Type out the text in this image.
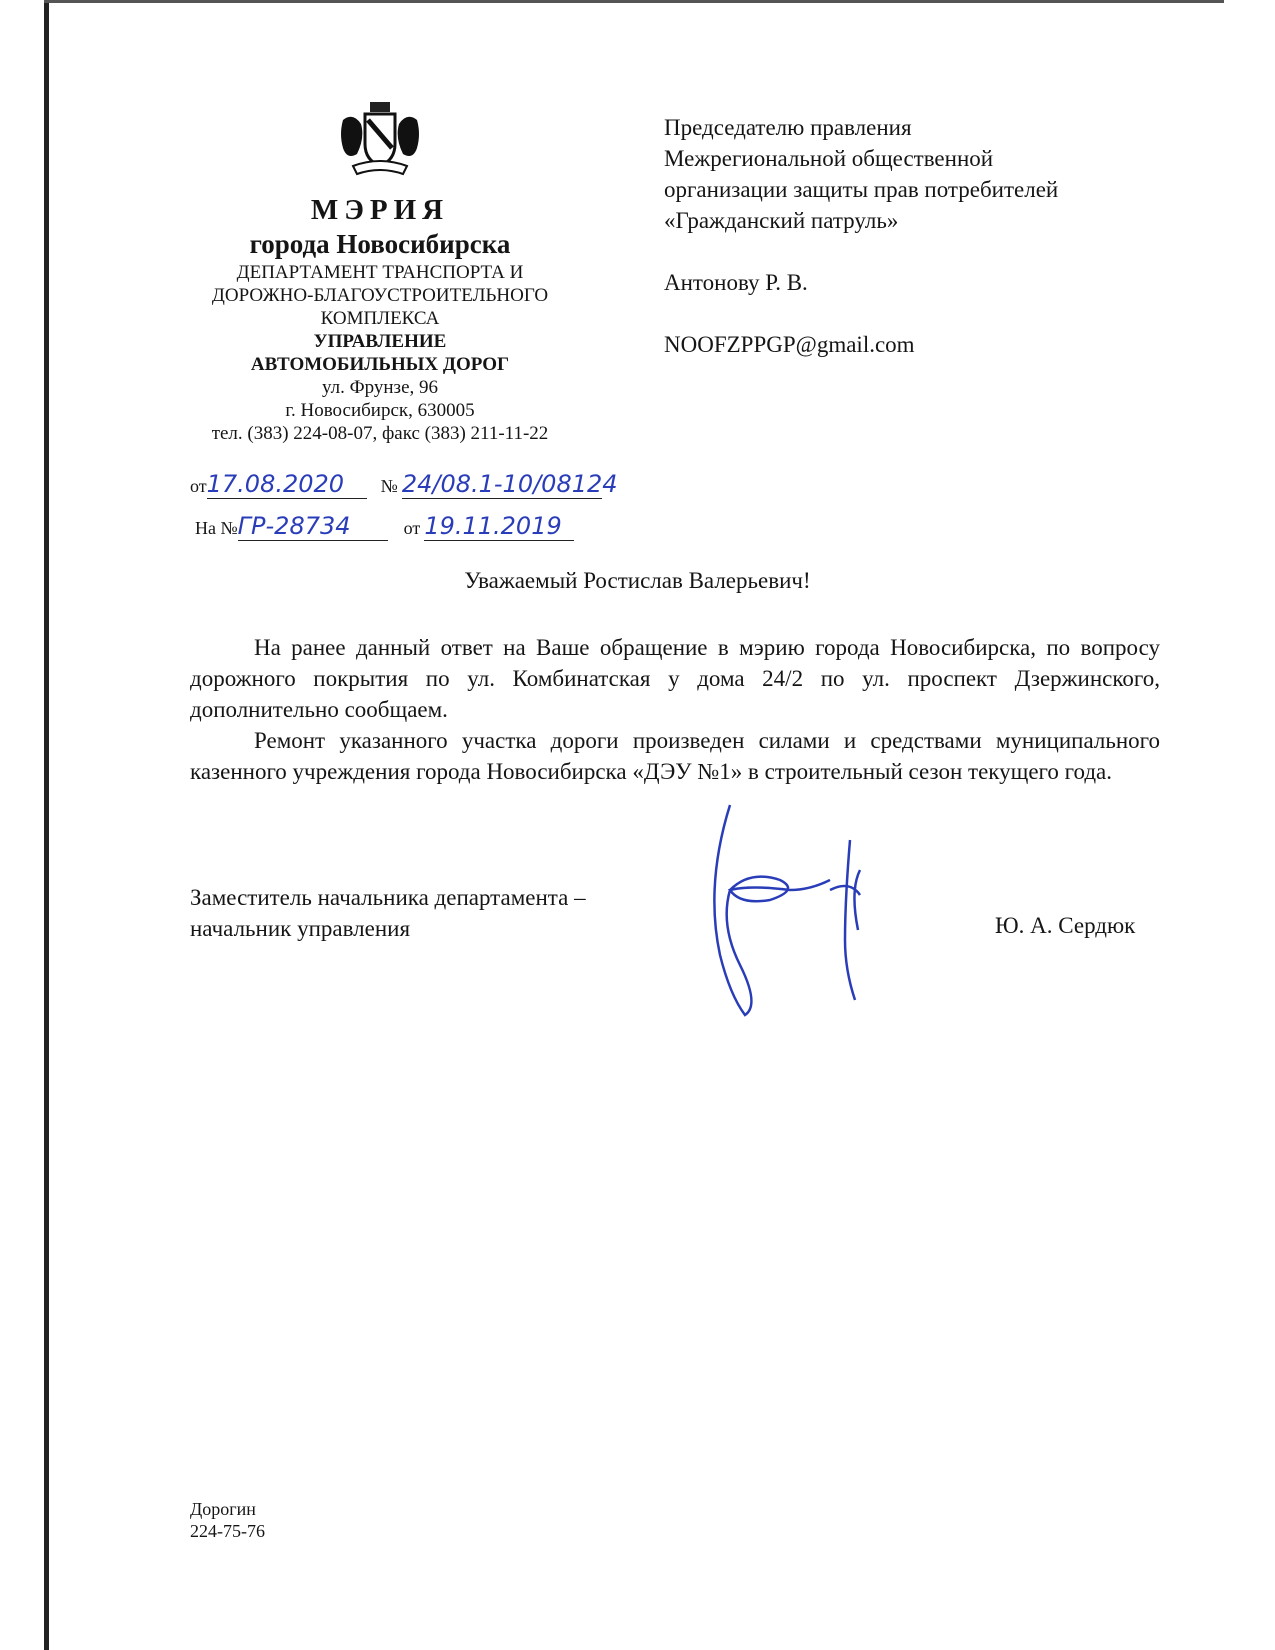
МЭРИЯ
города Новосибирска
ДЕПАРТАМЕНТ ТРАНСПОРТА И
ДОРОЖНО-БЛАГОУСТРОИТЕЛЬНОГО
КОМПЛЕКСА
УПРАВЛЕНИЕ
АВТОМОБИЛЬНЫХ ДОРОГ
ул. Фрунзе, 96
г. Новосибирск, 630005
тел. (383) 224-08-07, факс (383) 211-11-22
от17.08.2020 № 24/08.1-10/08124
На №ГР-28734	от 19.11.2019
Председателю правления
Межрегиональной общественной
организации защиты прав потребителей
«Гражданский патруль»
Антонову Р. В.
NOOFZPPGP@gmail.com
Уважаемый Ростислав Валерьевич!
На ранее данный ответ на Ваше обращение в мэрию города Новосибирска, по вопросу дорожного покрытия по ул. Комбинатская у дома 24/2 по ул. проспект Дзержинского, дополнительно сообщаем.
Ремонт указанного участка дороги произведен силами и средствами муниципального казенного учреждения города Новосибирска «ДЭУ №1» в строительный сезон текущего года.
Заместитель начальника департамента –
начальник управления	Ю. А. Сердюк
Дорогин
224-75-76
